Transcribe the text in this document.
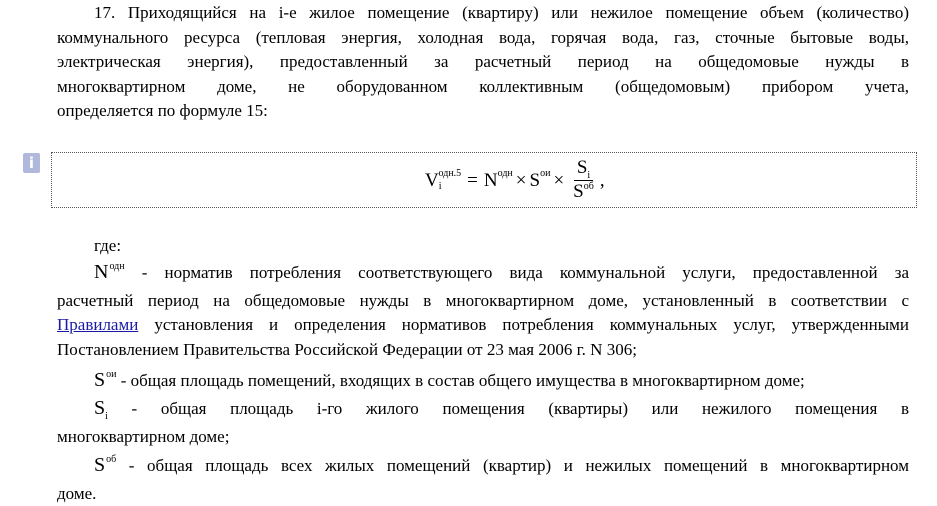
17. Приходящийся на i-е жилое помещение (квартиру) или нежилое помещение объем (количество)
коммунального ресурса (тепловая энергия, холодная вода, горячая вода, газ, сточные бытовые воды,
электрическая энергия), предоставленный за расчетный период на общедомовые нужды в
многоквартирном доме, не оборудованном коллективным (общедомовым) прибором учета,
определяется по формуле 15:
i
V i
одн.5 = N одн × S ои × $\frac{S_i}{S^{об}}$ ,
где:
$N^{одн}$ - норматив потребления соответствующего вида коммунальной услуги, предоставленной за
расчетный период на общедомовые нужды в многоквартирном доме, установленный в соответствии с
Правилами установления и определения нормативов потребления коммунальных услуг, утвержденными
Постановлением Правительства Российской Федерации от 23 мая 2006 г. N 306;
$S^{ои}$ - общая площадь помещений, входящих в состав общего имущества в многоквартирном доме;
$S_i$ - общая площадь i-го жилого помещения (квартиры) или нежилого помещения в
многоквартирном доме;
$S^{об}$ - общая площадь всех жилых помещений (квартир) и нежилых помещений в многоквартирном
доме.
